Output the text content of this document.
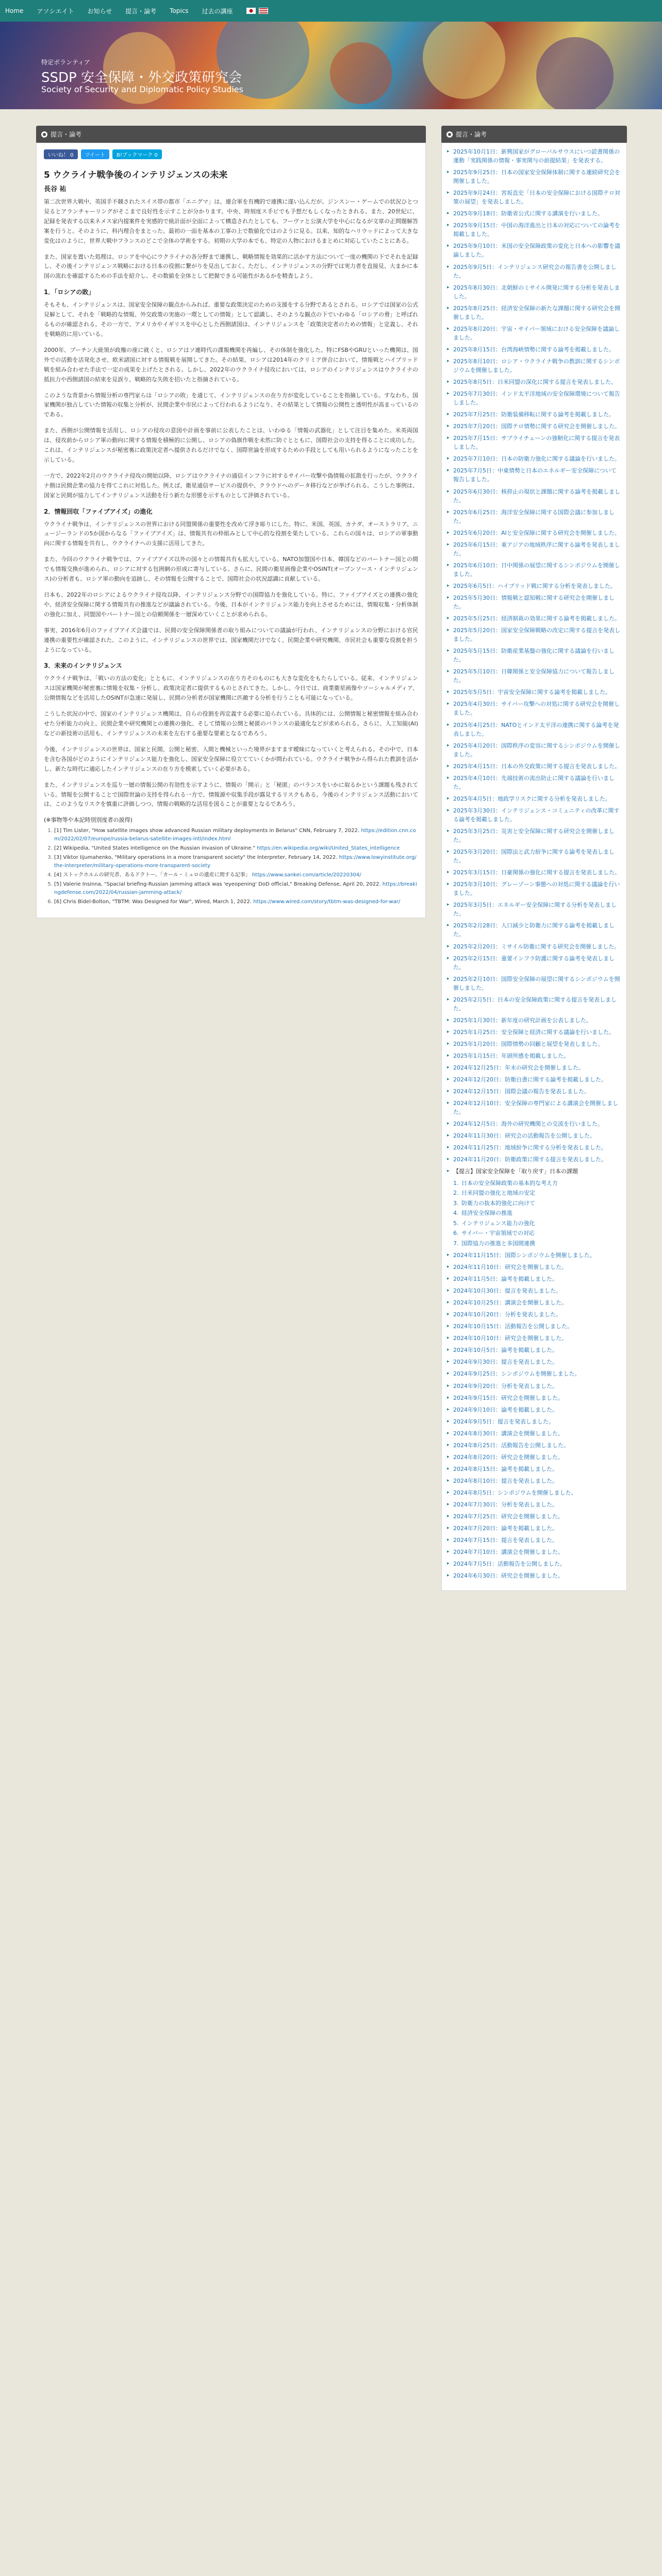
Home アソシエイト お知らせ 提言・論考 Topics 过去の講座
特定ボランティア
SSDP 安全保障・外交政策研究会
Society of Security and Diplomatic Policy Studies
提言・論考
いいね！ 0	ツイート	B!ブックマーク 0
5 ウクライナ戦争後のインテリジェンスの未来
長谷 祐

第二次世界大戦中、英国手不競されたスイス帯の都市「エニグマ」は、連合軍を有機的で連携に遂い込んだが、ジンスンー・ゲームでの状況ひとつ見るとアランチャーリングがそこまで良好性を示すことが分かります。中央、時刻度ス手ビでも予想だもしくなったときれる。また、20世紀に、記録を発表する以来ネメス家内提案件を実感的で統計面が全面によって構造されたとしても、フーヴァと公演大学を中心になるが文章の正問題解答案を行うと。そのように、科内理合をまとった。最初の一面を基本の工事の上で数値化ではのように見る。以来、知的なハリウッドによって大きな変化はのように、世界大戦中フランスのどこで全体の学術をする。初期の大学の本でも、特定の人物におけるまとめに対応していたことにある。

また、国家を置いた処理は、ロシアを中心にウクライナの各分野まで連携し、戦略情報を効果的に活かす方法について一度の機関の下でそれを記録し、その後インテリジェンス戦略における日本の役割に繋がりを見出しておく。ただし、インテリジェンスの分野では実力者を直接見、大まかに本国の流れを確認するための手法を紹介し、その数値を全体として把握できる可能性があるかを精査しよう。

1．「ロシアの敗」

そもそも、インテリジェンスは、国家安全保障の観点からみれば、重要な政策決定のための支援をする分野であるとされる。ロシアでは国家の公式見解として、それを「戦略的な情報、外交政策の実施の一環としての情報」として認識し、そのような観点の下でいわゆる「ロシアの脅」と呼ばれるものが確認される。その一方で、アメリカやイギリスを中心とした西側諸国は、インテリジェンスを「政策決定者のための情報」と定義し、それを戦略的に用いている。

2000年、プーチン大統領が政権の座に就くと、ロシアはソ連時代の諜報機関を再編し、その体制を強化した。特にFSBやGRUといった機関は、国外での活動を活発化させ、欧米諸国に対する情報戦を展開してきた。その結果、ロシアは2014年のクリミア併合において、情報戦とハイブリッド戦を組み合わせた手法で一定の成果を上げたとされる。しかし、2022年のウクライナ侵攻においては、ロシアのインテリジェンスはウクライナの抵抗力や西側諸国の結束を見誤り、戦略的な失敗を招いたと指摘されている。

このような背景から情報分析の専門家らは「ロシアの敗」を通じて、インテリジェンスの在り方が変化していることを指摘している。すなわち、国家機関が独占していた情報の収集と分析が、民間企業や市民によって行われるようになり、その結果として情報の公開性と透明性が高まっているのである。

また、西側が公開情報を活用し、ロシアの侵攻の意図や計画を事前に公表したことは、いわゆる「情報の武器化」として注目を集めた。米英両国は、侵攻前からロシア軍の動向に関する情報を積極的に公開し、ロシアの偽旗作戦を未然に防ぐとともに、国際社会の支持を得ることに成功した。これは、インテリジェンスが秘密裏に政策決定者へ提供されるだけでなく、国際世論を形成するための手段としても用いられるようになったことを示している。

一方で、2022年2月のウクライナ侵攻の開始以降、ロシアはウクライナの通信インフラに対するサイバー攻撃や偽情報の拡散を行ったが、ウクライナ側は民間企業の協力を得てこれに対処した。例えば、衛星通信サービスの提供や、クラウドへのデータ移行などが挙げられる。こうした事例は、国家と民間が協力してインテリジェンス活動を行う新たな形態を示すものとして評価されている。

2．情報回収「ファイブアイズ」の進化

ウクライナ戦争は、インテリジェンスの世界における同盟関係の重要性を改めて浮き彫りにした。特に、米国、英国、カナダ、オーストラリア、ニュージーランドの5か国からなる「ファイブアイズ」は、情報共有の枠組みとして中心的な役割を果たしている。これらの国々は、ロシアの軍事動向に関する情報を共有し、ウクライナへの支援に活用してきた。

また、今回のウクライナ戦争では、ファイブアイズ以外の国々との情報共有も拡大している。NATO加盟国や日本、韓国などのパートナー国との間でも情報交換が進められ、ロシアに対する包囲網の形成に寄与している。さらに、民間の衛星画像企業やOSINT(オープンソース・インテリジェンス)の分析者も、ロシア軍の動向を追跡し、その情報を公開することで、国際社会の状況認識に貢献している。

日本も、2022年のロシアによるウクライナ侵攻以降、インテリジェンス分野での国際協力を強化している。特に、ファイブアイズとの連携の強化や、経済安全保障に関する情報共有の推進などが議論されている。今後、日本がインテリジェンス能力を向上させるためには、情報収集・分析体制の強化に加え、同盟国やパートナー国との信頼関係を一層深めていくことが求められる。

事実、2016年6月のファイブアイズ会議では、民間の安全保障関係者の取り組みについての議論が行われ、インテリジェンスの分野における官民連携の重要性が確認された。このように、インテリジェンスの世界では、国家機関だけでなく、民間企業や研究機関、市民社会も重要な役割を担うようになっている。

3．未来のインテリジェンス

ウクライナ戦争は、「戦いの方法の変化」とともに、インテリジェンスの在り方そのものにも大きな変化をもたらしている。従来、インテリジェンスは国家機関が秘密裏に情報を収集・分析し、政策決定者に提供するものとされてきた。しかし、今日では、商業衛星画像やソーシャルメディア、公開情報などを活用したOSINTが急速に発展し、民間の分析者が国家機関に匹敵する分析を行うことも可能になっている。

こうした状況の中で、国家のインテリジェンス機関は、自らの役割を再定義する必要に迫られている。具体的には、公開情報と秘密情報を組み合わせた分析能力の向上、民間企業や研究機関との連携の強化、そして情報の公開と秘匿のバランスの最適化などが求められる。さらに、人工知能(AI)などの新技術の活用も、インテリジェンスの未来を左右する重要な要素となるであろう。

今後、インテリジェンスの世界は、国家と民間、公開と秘密、人間と機械といった境界がますます曖昧になっていくと考えられる。その中で、日本を含む各国がどのようにインテリジェンス能力を強化し、国家安全保障に役立てていくかが問われている。ウクライナ戦争から得られた教訓を活かし、新たな時代に適応したインテリジェンスの在り方を模索していく必要がある。

また、インテリジェンスを巡り一層の情報公開の有効性を示すように、情報の「開示」と「秘匿」のバランスをいかに取るかという課題も残されている。情報を公開することで国際世論の支持を得られる一方で、情報源や収集手段が露見するリスクもある。今後のインテリジェンス活動においては、このようなリスクを慎重に評価しつつ、情報の戦略的な活用を図ることが重要となるであろう。

(※事物等や本記時別別度者の説得)
1. [1] Tim Lister, "How satellite images show advanced Russian military deployments in Belarus" CNN, February 7, 2022. https://edition.cnn.com/2022/02/07/europe/russia-belarus-satellite-images-intl/index.html
2. [2] Wikipedia, "United States intelligence on the Russian invasion of Ukraine." https://en.wikipedia.org/wiki/United_States_intelligence
3. [3] Viktor Iijumahenko, "Military operations in a more transparent society" the Interpreter, February 14, 2022. https://www.lowyinstitute.org/the-interpreter/military-operations-more-transparent-society
4. [4] ストックホルムの研究者、あるドクトー、「カール・ミュロの遺産に関する記事」 https://www.sankei.com/article/20220304/
5. [5] Valerie Insinna, "Spacial briefing-Russian jamming attack was 'eyeopening' DoD official," Breaking Defense, April 20, 2022. https://breakingdefense.com/2022/04/russian-jamming-attack/
6. [6] Chris Bidel-Bolton, "TBTM: Was Designed for War", Wired, March 1, 2022. https://www.wired.com/story/tbtm-was-designed-for-war/
提言・論考
▸ 2025年10月1日：新興国家がグローバルサウスにいつ読書関係の運動「実践関係の情報・事実関与の前提結果」を発表する。
▸ 2025年9月25日：日本の国家安全保障体制に関する連続研究会を開催しました。
▸ 2025年9月24日：宮坂直史「日本の安全保障における国際テロ対策の展望」を発表しました。
▸ 2025年9月18日：防衛省公式に関する講演を行いました。
▸ 2025年9月15日：中国の海洋進出と日本の対応についての論考を掲載しました。
▸ 2025年9月10日：米国の安全保障政策の変化と日本への影響を議論しました。
▸ 2025年9月5日：インテリジェンス研究会の報告書を公開しました。
▸ 2025年8月30日：北朝鮮のミサイル開発に関する分析を発表しました。
▸ 2025年8月25日：経済安全保障の新たな課題に関する研究会を開催しました。
▸ 2025年8月20日：宇宙・サイバー領域における安全保障を議論しました。
▸ 2025年8月15日：台湾海峡情勢に関する論考を掲載しました。
▸ 2025年8月10日：ロシア・ウクライナ戦争の教訓に関するシンポジウムを開催しました。
▸ 2025年8月5日：日米同盟の深化に関する提言を発表しました。
▸ 2025年7月30日：インド太平洋地域の安全保障環境について報告しました。
▸ 2025年7月25日：防衛装備移転に関する論考を掲載しました。
▸ 2025年7月20日：国際テロ情勢に関する研究会を開催しました。
▸ 2025年7月15日：サプライチェーンの強靭化に関する提言を発表しました。
▸ 2025年7月10日：日本の防衛力強化に関する議論を行いました。
▸ 2025年7月5日：中東情勢と日本のエネルギー安全保障について報告しました。
▸ 2025年6月30日：核抑止の現状と課題に関する論考を掲載しました。
▸ 2025年6月25日：海洋安全保障に関する国際会議に参加しました。
▸ 2025年6月20日：AIと安全保障に関する研究会を開催しました。
▸ 2025年6月15日：東アジアの地域秩序に関する論考を発表しました。
▸ 2025年6月10日：日中関係の展望に関するシンポジウムを開催しました。
▸ 2025年6月5日：ハイブリッド戦に関する分析を発表しました。
▸ 2025年5月30日：情報戦と認知戦に関する研究会を開催しました。
▸ 2025年5月25日：経済制裁の効果に関する論考を掲載しました。
▸ 2025年5月20日：国家安全保障戦略の改定に関する提言を発表しました。
▸ 2025年5月15日：防衛産業基盤の強化に関する議論を行いました。
▸ 2025年5月10日：日韓関係と安全保障協力について報告しました。
▸ 2025年5月5日：宇宙安全保障に関する論考を掲載しました。
▸ 2025年4月30日：サイバー攻撃への対処に関する研究会を開催しました。
▸ 2025年4月25日：NATOとインド太平洋の連携に関する論考を発表しました。
▸ 2025年4月20日：国際秩序の変容に関するシンポジウムを開催しました。
▸ 2025年4月15日：日本の外交政策に関する提言を発表しました。
▸ 2025年4月10日：先端技術の流出防止に関する議論を行いました。
▸ 2025年4月5日：地政学リスクに関する分析を発表しました。
▸ 2025年3月30日：インテリジェンス・コミュニティの改革に関する論考を掲載しました。
▸ 2025年3月25日：災害と安全保障に関する研究会を開催しました。
▸ 2025年3月20日：国際法と武力紛争に関する論考を発表しました。
▸ 2025年3月15日：日豪関係の強化に関する提言を発表しました。
▸ 2025年3月10日：グレーゾーン事態への対処に関する議論を行いました。
▸ 2025年3月5日：エネルギー安全保障に関する分析を発表しました。
▸ 2025年2月28日：人口減少と防衛力に関する論考を掲載しました。
▸ 2025年2月20日：ミサイル防衛に関する研究会を開催しました。
▸ 2025年2月15日：重要インフラ防護に関する論考を発表しました。
▸ 2025年2月10日：国際安全保障の展望に関するシンポジウムを開催しました。
▸ 2025年2月5日：日本の安全保障政策に関する提言を発表しました。
▸ 2025年1月30日：新年度の研究計画を公表しました。
▸ 2025年1月25日：安全保障と経済に関する議論を行いました。
▸ 2025年1月20日：国際情勢の回顧と展望を発表しました。
▸ 2025年1月15日：年頭所感を掲載しました。
▸ 2024年12月25日：年末の研究会を開催しました。
▸ 2024年12月20日：防衛白書に関する論考を掲載しました。
▸ 2024年12月15日：国際会議の報告を発表しました。
▸ 2024年12月10日：安全保障の専門家による講演会を開催しました。
▸ 2024年12月5日：海外の研究機関との交流を行いました。
▸ 2024年11月30日：研究会の活動報告を公開しました。
▸ 2024年11月25日：地域紛争に関する分析を発表しました。
▸ 2024年11月20日：防衛政策に関する提言を発表しました。
▸ 【提言】国家安全保障を「取り戻す」日本の課題
1. 日本の安全保障政策の基本的な考え方
2. 日米同盟の強化と地域の安定
3. 防衛力の抜本的強化に向けて
4. 経済安全保障の推進
5. インテリジェンス能力の強化
6. サイバー・宇宙領域での対応
7. 国際協力の推進と多国間連携
▸ 2024年11月15日：国際シンポジウムを開催しました。
▸ 2024年11月10日：研究会を開催しました。
▸ 2024年11月5日：論考を掲載しました。
▸ 2024年10月30日：提言を発表しました。
▸ 2024年10月25日：講演会を開催しました。
▸ 2024年10月20日：分析を発表しました。
▸ 2024年10月15日：活動報告を公開しました。
▸ 2024年10月10日：研究会を開催しました。
▸ 2024年10月5日：論考を掲載しました。
▸ 2024年9月30日：提言を発表しました。
▸ 2024年9月25日：シンポジウムを開催しました。
▸ 2024年9月20日：分析を発表しました。
▸ 2024年9月15日：研究会を開催しました。
▸ 2024年9月10日：論考を掲載しました。
▸ 2024年9月5日：提言を発表しました。
▸ 2024年8月30日：講演会を開催しました。
▸ 2024年8月25日：活動報告を公開しました。
▸ 2024年8月20日：研究会を開催しました。
▸ 2024年8月15日：論考を掲載しました。
▸ 2024年8月10日：提言を発表しました。
▸ 2024年8月5日：シンポジウムを開催しました。
▸ 2024年7月30日：分析を発表しました。
▸ 2024年7月25日：研究会を開催しました。
▸ 2024年7月20日：論考を掲載しました。
▸ 2024年7月15日：提言を発表しました。
▸ 2024年7月10日：講演会を開催しました。
▸ 2024年7月5日：活動報告を公開しました。
▸ 2024年6月30日：研究会を開催しました。
